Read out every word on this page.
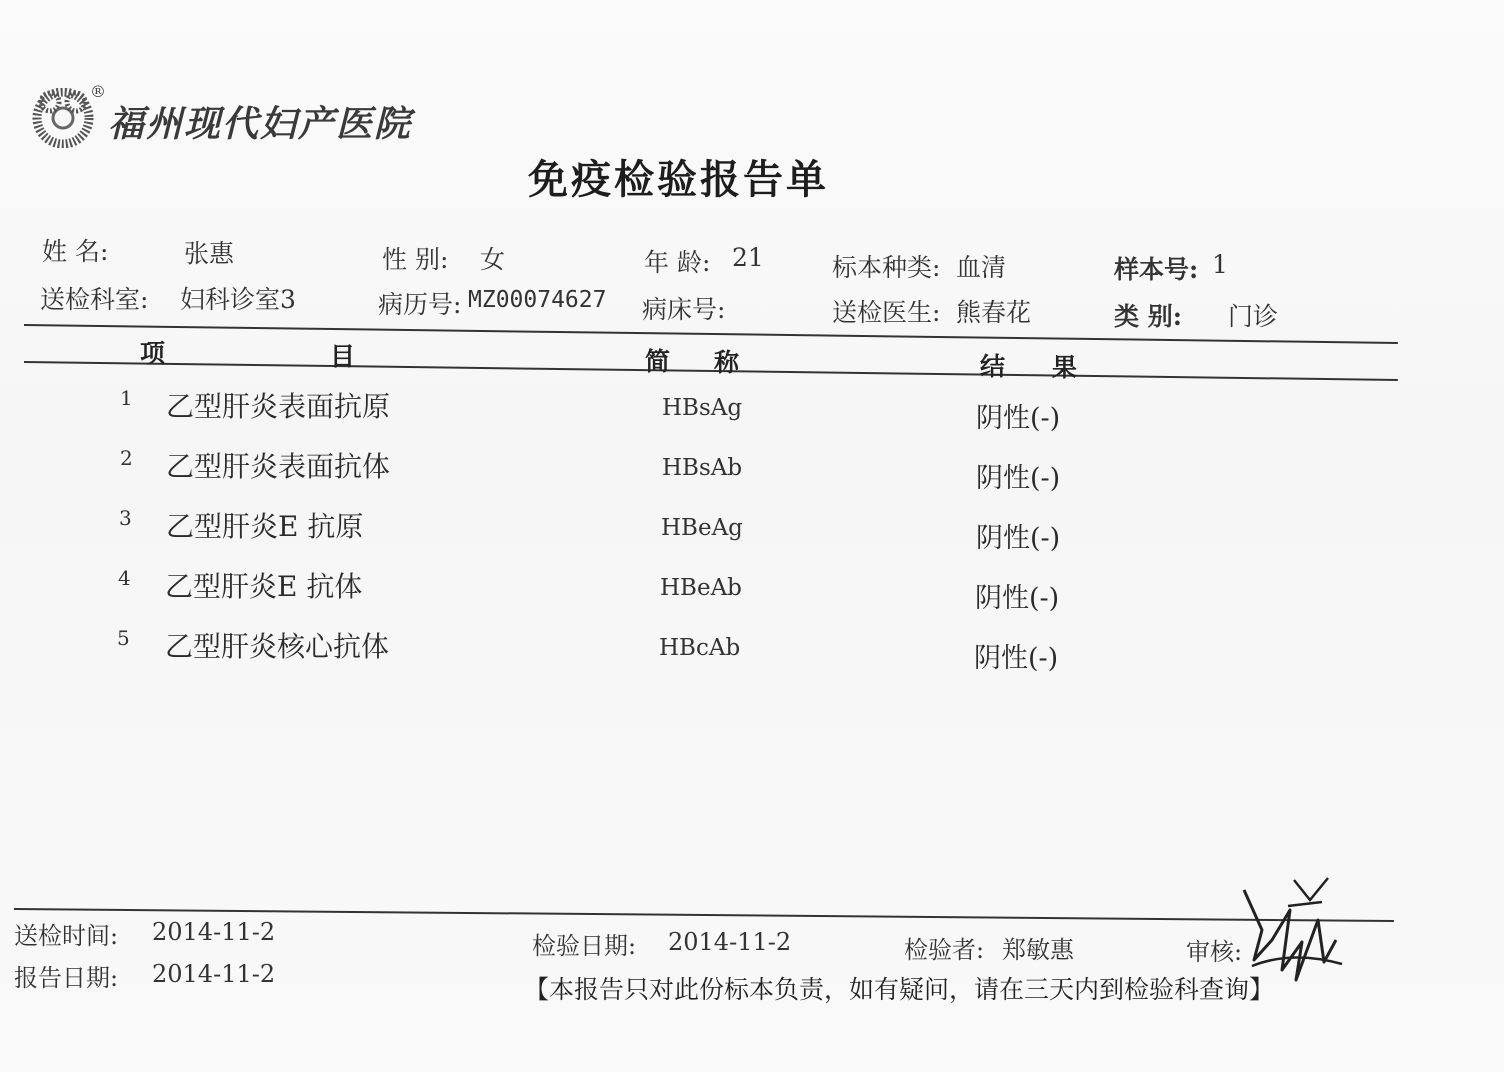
®
福州现代妇产医院
免疫检验报告单
姓 名:	张惠	性 别: 女	年 龄: 21	标本种类: 血清	样本号: 1
送检科室: 妇科诊室3	病历号: MZ00074627 病床号:	送检医生: 熊春花	类 别: 门诊
项	目	简 称	结 果
1 乙型肝炎表面抗原	HBsAg	阴性(-)
2 乙型肝炎表面抗体	HBsAb	阴性(-)
3 乙型肝炎E 抗原	HBeAg	阴性(-)
4 乙型肝炎E 抗体	HBeAb	阴性(-)
5 乙型肝炎核心抗体	HBcAb	阴性(-)
送检时间: 2014-11-2
报告日期: 2014-11-2
检验日期: 2014-11-2	检验者: 郑敏惠	审核:
【本报告只对此份标本负责，如有疑问，请在三天内到检验科查询】
